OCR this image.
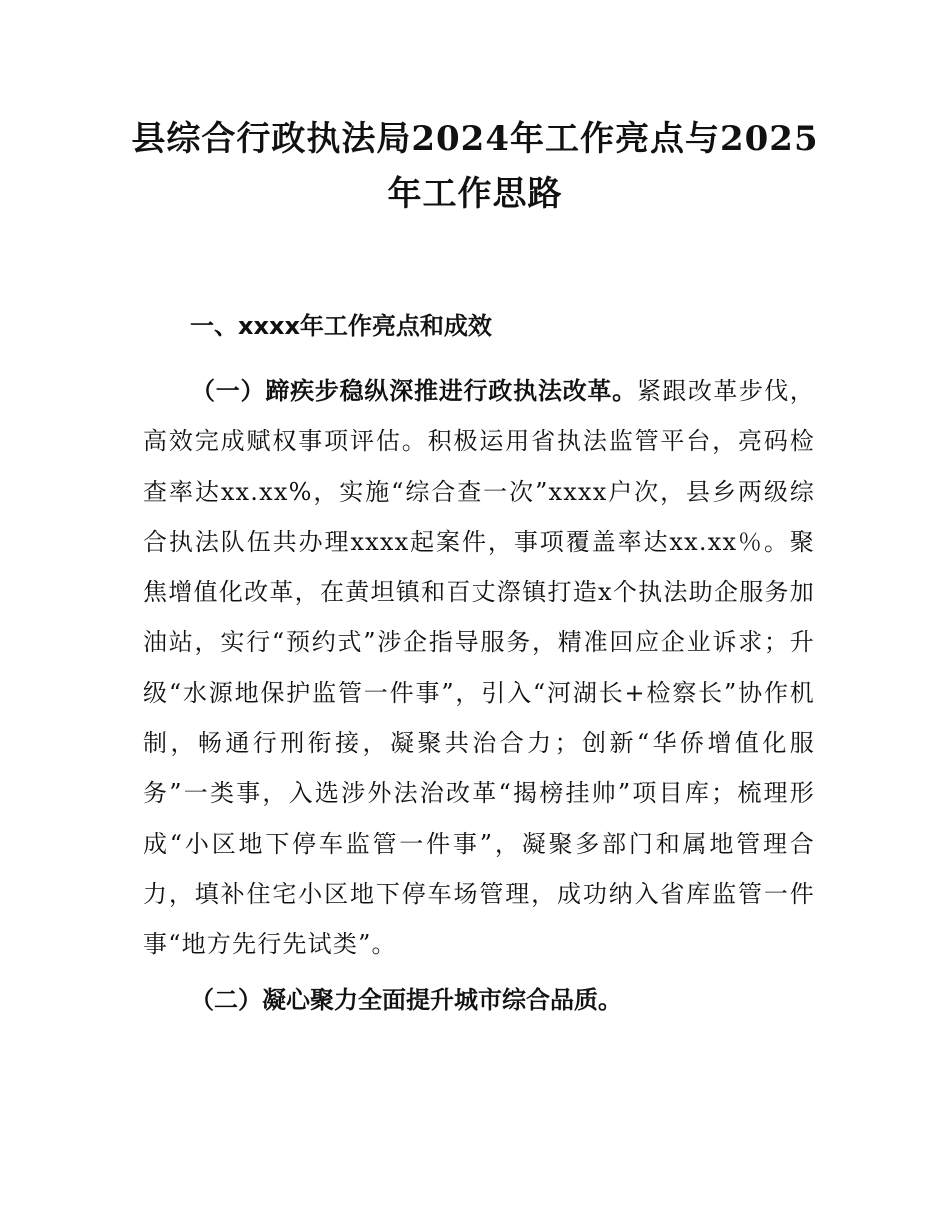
县综合行政执法局2024年工作亮点与2025
年工作思路
一、xxxx年工作亮点和成效

（一）蹄疾步稳纵深推进行政执法改革。紧跟改革步伐，高效完成赋权事项评估。积极运用省执法监管平台，亮码检查率达xx.xx%，实施“综合查一次”xxxx户次，县乡两级综合执法队伍共办理xxxx起案件，事项覆盖率达xx.xx％。聚焦增值化改革，在黄坦镇和百丈漈镇打造x个执法助企服务加油站，实行“预约式”涉企指导服务，精准回应企业诉求；升级“水源地保护监管一件事”，引入“河湖长+检察长”协作机制，畅通行刑衔接，凝聚共治合力；创新“华侨增值化服务”一类事，入选涉外法治改革“揭榜挂帅”项目库；梳理形成“小区地下停车监管一件事”，凝聚多部门和属地管理合力，填补住宅小区地下停车场管理，成功纳入省库监管一件事“地方先行先试类”。

（二）凝心聚力全面提升城市综合品质。
